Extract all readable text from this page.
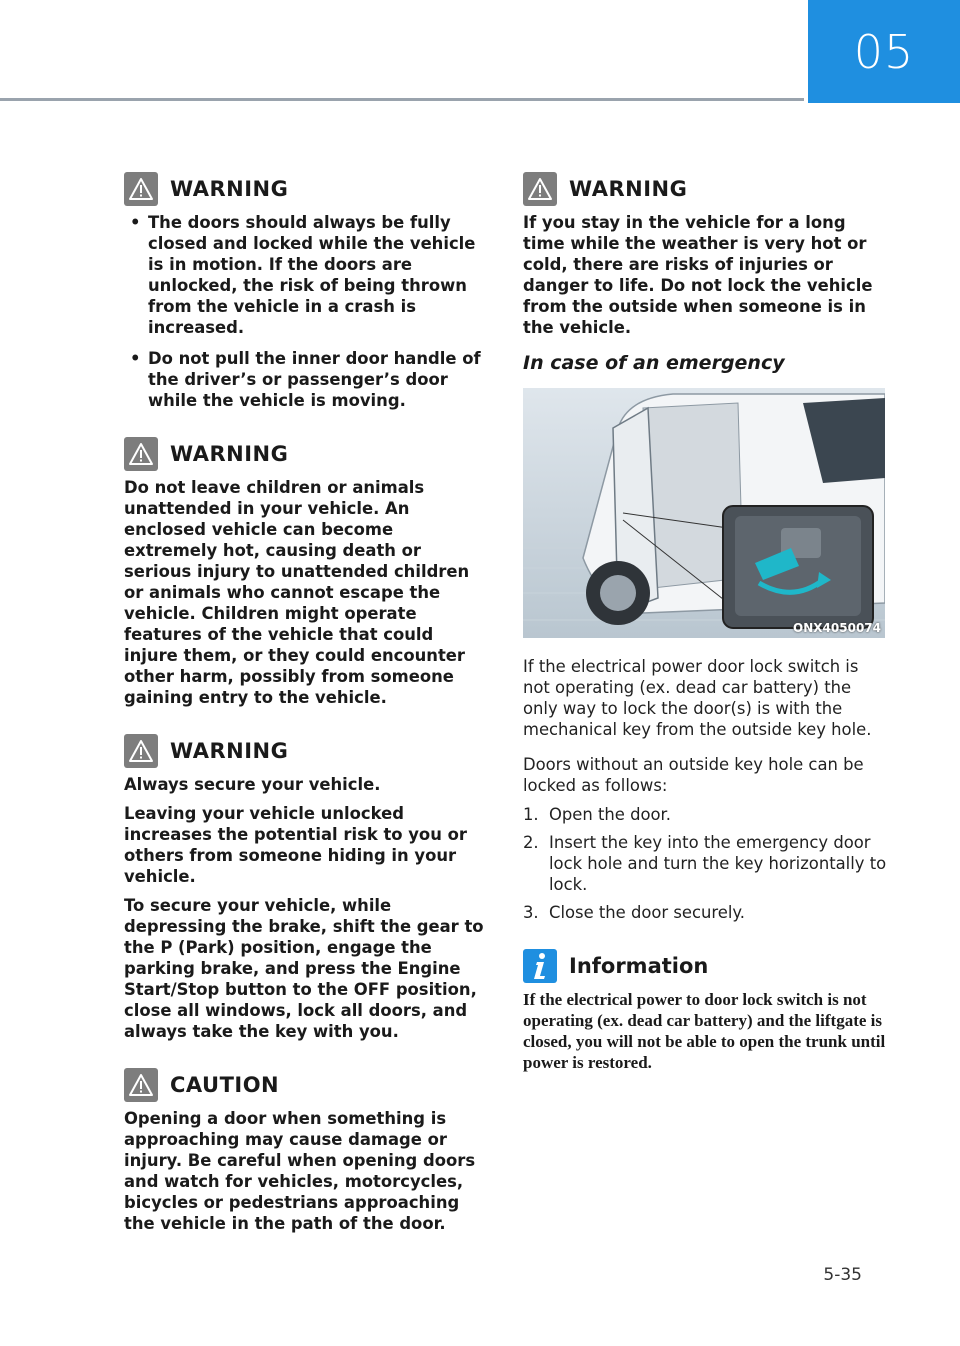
05
WARNING
• The doors should always be fully closed and locked while the vehicle is in motion. If the doors are unlocked, the risk of being thrown from the vehicle in a crash is increased.
• Do not pull the inner door handle of the driver’s or passenger’s door while the vehicle is moving.
WARNING

Do not leave children or animals unattended in your vehicle. An enclosed vehicle can become extremely hot, causing death or serious injury to unattended children or animals who cannot escape the vehicle. Children might operate features of the vehicle that could injure them, or they could encounter other harm, possibly from someone gaining entry to the vehicle.

WARNING

Always secure your vehicle.

Leaving your vehicle unlocked increases the potential risk to you or others from someone hiding in your vehicle.

To secure your vehicle, while depressing the brake, shift the gear to the P (Park) position, engage the parking brake, and press the Engine Start/Stop button to the OFF position, close all windows, lock all doors, and always take the key with you.

CAUTION

Opening a door when something is approaching may cause damage or injury. Be careful when opening doors and watch for vehicles, motorcycles, bicycles or pedestrians approaching the vehicle in the path of the door.

WARNING

If you stay in the vehicle for a long time while the weather is very hot or cold, there are risks of injuries or danger to life. Do not lock the vehicle from the outside when someone is in the vehicle.

In case of an emergency
ONX4050074

If the electrical power door lock switch is not operating (ex. dead car battery) the only way to lock the door(s) is with the mechanical key from the outside key hole.

Doors without an outside key hole can be locked as follows:

1. Open the door.
2. Insert the key into the emergency door lock hole and turn the key horizontally to lock.
3. Close the door securely.
Information

If the electrical power to door lock switch is not operating (ex. dead car battery) and the liftgate is closed, you will not be able to open the trunk until power is restored.

5-35
